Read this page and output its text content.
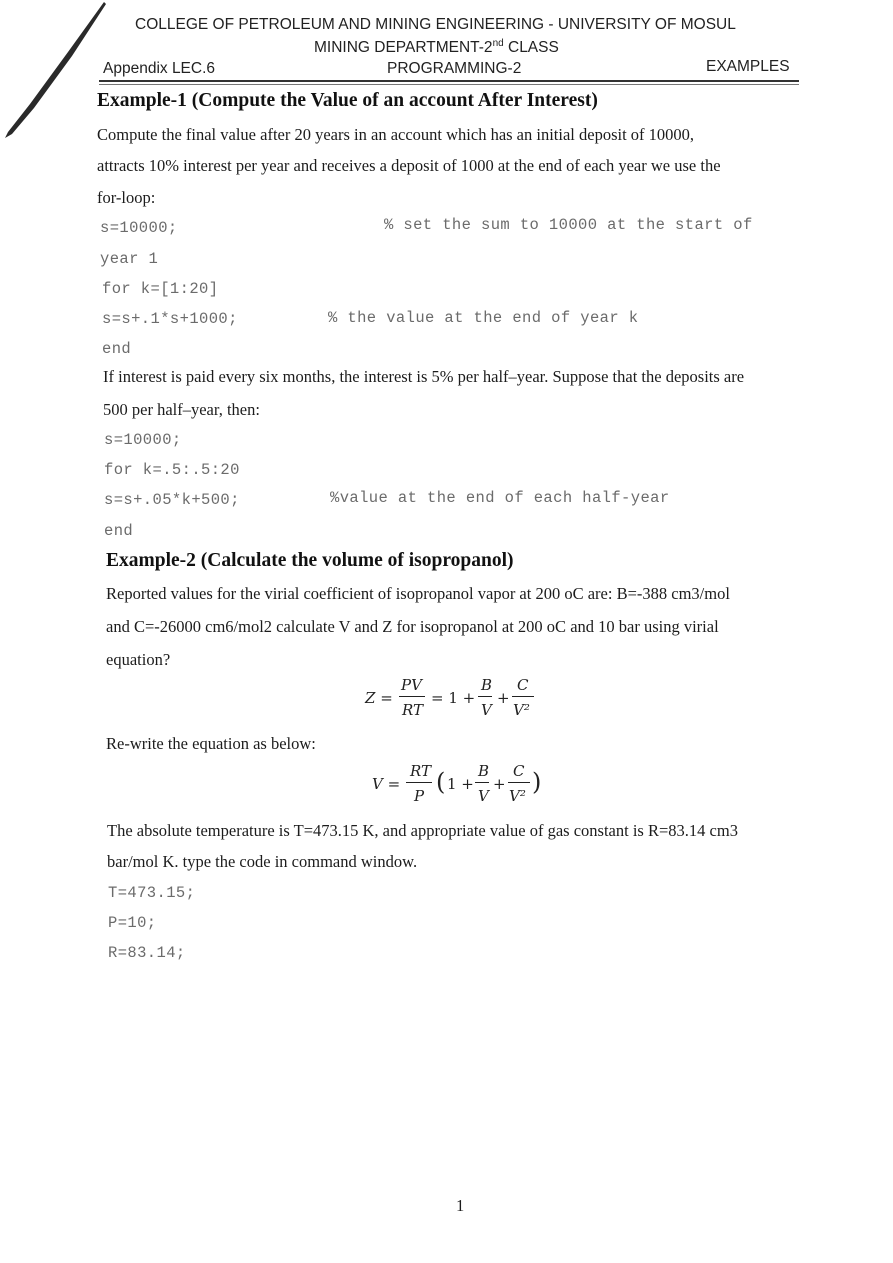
COLLEGE OF PETROLEUM AND MINING ENGINEERING - UNIVERSITY OF MOSUL
MINING DEPARTMENT-2nd CLASS
Appendix LEC.6	PROGRAMMING-2	EXAMPLES
Example-1 (Compute the Value of an account After Interest)
Compute the final value after 20 years in an account which has an initial deposit of 10000,
attracts 10% interest per year and receives a deposit of 1000 at the end of each year we use the
for-loop:
s=10000;	% set the sum to 10000 at the start of
year 1
for k=[1:20]
s=s+.1*s+1000;	% the value at the end of year k
end
If interest is paid every six months, the interest is 5% per half–year. Suppose that the deposits are
500 per half–year, then:
s=10000;
for k=.5:.5:20
s=s+.05*k+500;	%value at the end of each half-year
end
Example-2 (Calculate the volume of isopropanol)
Reported values for the virial coefficient of isopropanol vapor at 200 oC are: B=-388 cm3/mol
and C=-26000 cm6/mol2 calculate V and Z for isopropanol at 200 oC and 10 bar using virial
equation?
Z =
PV
RT
= 1 +
B
V
+
C
V²
Re-write the equation as below:
V =
RT
P ( 1 +
B
V
+
C
V² )
The absolute temperature is T=473.15 K, and appropriate value of gas constant is R=83.14 cm3
bar/mol K. type the code in command window.
T=473.15;
P=10;
R=83.14;
1
